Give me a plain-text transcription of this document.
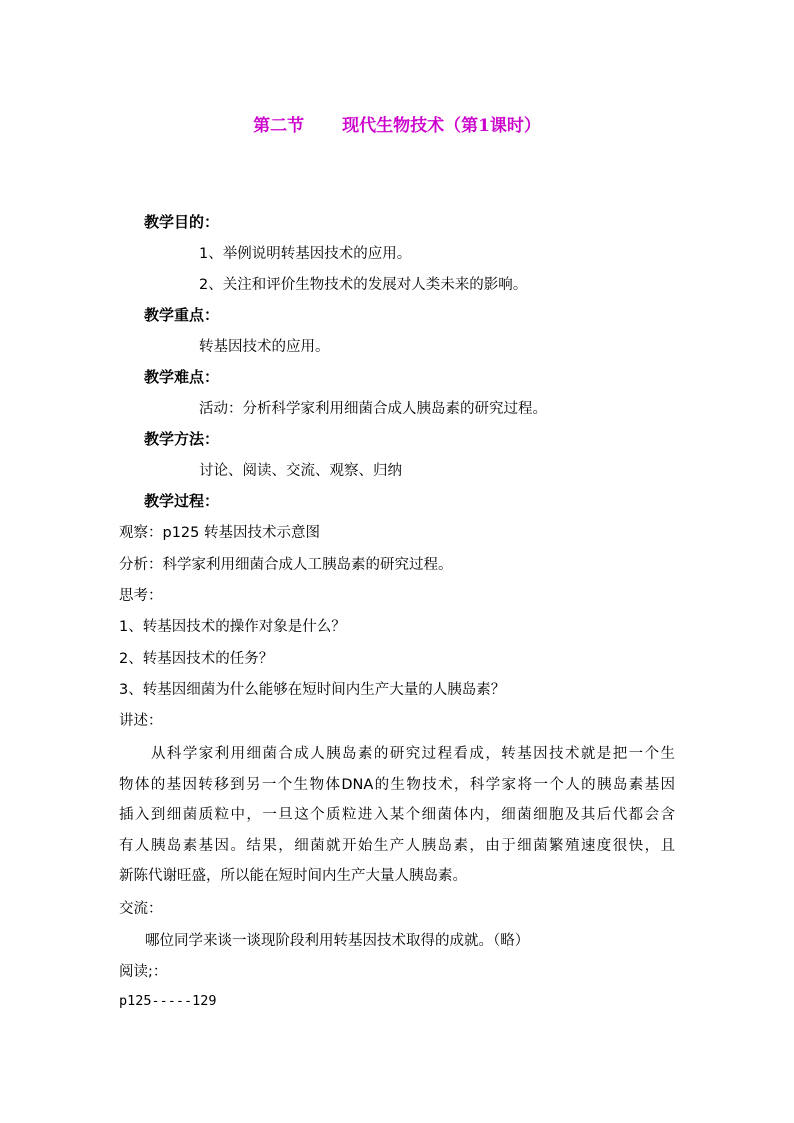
第二节 现代生物技术（第1课时）
教学目的：
1、举例说明转基因技术的应用。
2、关注和评价生物技术的发展对人类未来的影响。
教学重点：
转基因技术的应用。
教学难点：
活动：分析科学家利用细菌合成人胰岛素的研究过程。
教学方法：
讨论、阅读、交流、观察、归纳
教学过程：
观察：p125 转基因技术示意图
分析：科学家利用细菌合成人工胰岛素的研究过程。
思考：
1、转基因技术的操作对象是什么？
2、转基因技术的任务？
3、转基因细菌为什么能够在短时间内生产大量的人胰岛素？
讲述：
从科学家利用细菌合成人胰岛素的研究过程看成，转基因技术就是把一个生
物体的基因转移到另一个生物体DNA的生物技术，科学家将一个人的胰岛素基因
插入到细菌质粒中，一旦这个质粒进入某个细菌体内，细菌细胞及其后代都会含
有人胰岛素基因。结果，细菌就开始生产人胰岛素，由于细菌繁殖速度很快，且
新陈代谢旺盛，所以能在短时间内生产大量人胰岛素。
交流：
哪位同学来谈一谈现阶段利用转基因技术取得的成就。（略）
阅读;：
p125-----129
